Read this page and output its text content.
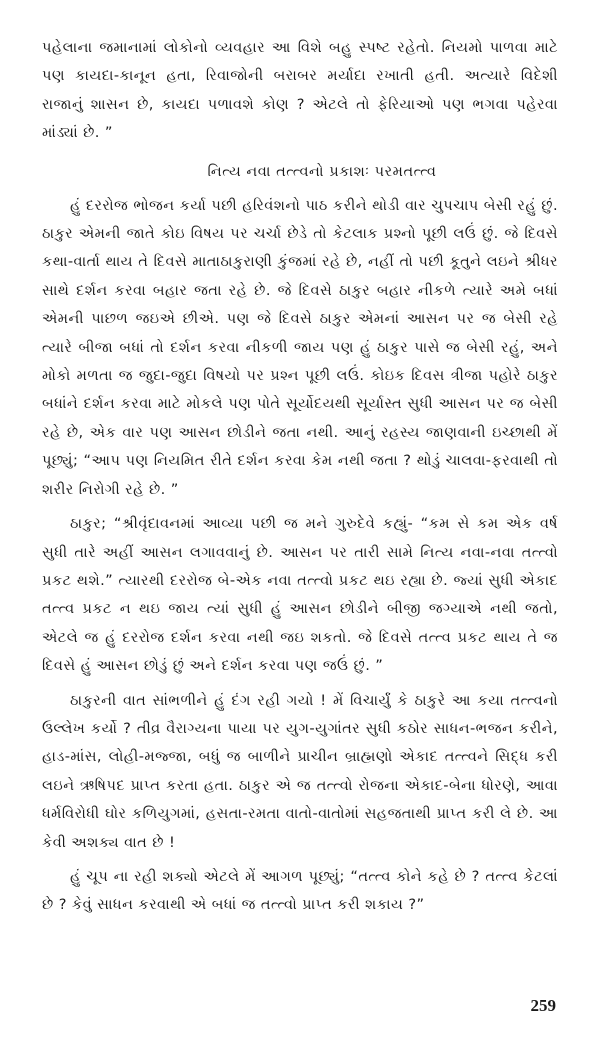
પહેલાના જમાનામાં લોકોનો વ્યવહાર આ વિશે બહુ સ્પષ્ટ રહેતો. નિયમો પાળવા માટે પણ કાયદા-કાનૂન હતા, રિવાજોની બરાબર મર્યાદા રખાતી હતી. અત્યારે વિદેશી રાજાનું શાસન છે, કાયદા પળાવશે કોણ ? એટલે તો ફેરિયાઓ પણ ભગવા પહેરવા માંડ્યાં છે. ”

નિત્ય નવા તત્ત્વનો પ્રકાશઃ પરમતત્ત્વ

હું દરરોજ ભોજન કર્યા પછી હરિવંશનો પાઠ કરીને થોડી વાર ચુપચાપ બેસી રહું છું. ઠાકુર એમની જાતે કોઇ વિષય પર ચર્ચા છેડે તો કેટલાક પ્રશ્નો પૂછી લઉં છું. જે દિવસે કથા-વાર્તા થાય તે દિવસે માતાઠાકુરાણી કુંજમાં રહે છે, નહીં તો પછી કૂતુને લઇને શ્રીધર સાથે દર્શન કરવા બહાર જતા રહે છે. જે દિવસે ઠાકુર બહાર નીકળે ત્યારે અમે બધાં એમની પાછળ જઇએ છીએ. પણ જે દિવસે ઠાકુર એમનાં આસન પર જ બેસી રહે ત્યારે બીજા બધાં તો દર્શન કરવા નીકળી જાય પણ હું ઠાકુર પાસે જ બેસી રહું, અને મોકો મળતા જ જુદા-જુદા વિષયો પર પ્રશ્ન પૂછી લઉં. કોઇક દિવસ ત્રીજા પહોરે ઠાકુર બધાંને દર્શન કરવા માટે મોકલે પણ પોતે સૂર્યોદયથી સૂર્યાસ્ત સુધી આસન પર જ બેસી રહે છે, એક વાર પણ આસન છોડીને જતા નથી. આનું રહસ્ય જાણવાની ઇચ્છાથી મેં પૂછ્યું; “આપ પણ નિયમિત રીતે દર્શન કરવા કેમ નથી જતા ? થોડું ચાલવા-ફરવાથી તો શરીર નિરોગી રહે છે. ”

ઠાકુર; “શ્રીવૃંદાવનમાં આવ્યા પછી જ મને ગુરુદેવે કહ્યું- “કમ સે કમ એક વર્ષ સુધી તારે અહીં આસન લગાવવાનું છે. આસન પર તારી સામે નિત્ય નવા-નવા તત્ત્વો પ્રકટ થશે.” ત્યારથી દરરોજ બે-એક નવા તત્ત્વો પ્રકટ થઇ રહ્યા છે. જ્યાં સુધી એકાદ તત્ત્વ પ્રકટ ન થઇ જાય ત્યાં સુધી હું આસન છોડીને બીજી જગ્યાએ નથી જતો, એટલે જ હું દરરોજ દર્શન કરવા નથી જઇ શકતો. જે દિવસે તત્ત્વ પ્રકટ થાય તે જ દિવસે હું આસન છોડું છું અને દર્શન કરવા પણ જઉં છું. ”

ઠાકુરની વાત સાંભળીને હું દંગ રહી ગયો ! મેં વિચાર્યું કે ઠાકુરે આ કયા તત્ત્વનો ઉલ્લેખ કર્યો ? તીવ્ર વૈરાગ્યના પાયા પર યુગ-યુગાંતર સુધી કઠોર સાધન-ભજન કરીને, હાડ-માંસ, લોહી-મજ્જા, બધું જ બાળીને પ્રાચીન બ્રાહ્મણો એકાદ તત્ત્વને સિદ્ધ કરી લઇને ઋષિપદ પ્રાપ્ત કરતા હતા. ઠાકુર એ જ તત્ત્વો રોજના એકાદ-બેના ધોરણે, આવા ધર્મવિરોધી ઘોર કળિયુગમાં, હસતા-રમતા વાતો-વાતોમાં સહજતાથી પ્રાપ્ત કરી લે છે. આ કેવી અશક્ય વાત છે !

હું ચૂપ ના રહી શક્યો એટલે મેં આગળ પૂછ્યું; “તત્ત્વ કોને કહે છે ? તત્ત્વ કેટલાં છે ? કેવું સાધન કરવાથી એ બધાં જ તત્ત્વો પ્રાપ્ત કરી શકાય ?”

259
